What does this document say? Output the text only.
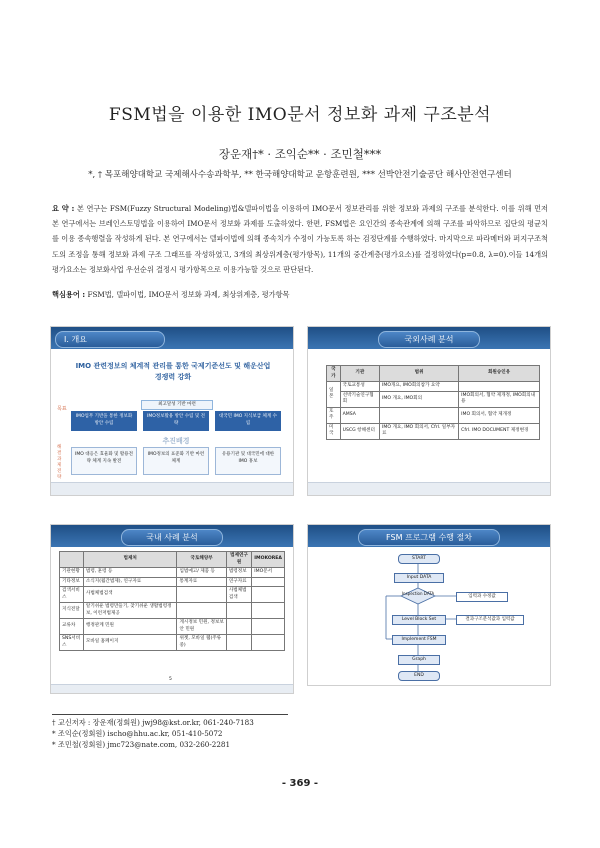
FSM법을 이용한 IMO문서 정보화 과제 구조분석
장운재†* · 조익순** · 조민철***
*, † 목포해양대학교 국제해사수송과학부, ** 한국해양대학교 운항훈련원, *** 선박안전기술공단 해사안전연구센터
요 약 : 본 연구는 FSM(Fuzzy Structural Modeling)법&델파이법을 이용하여 IMO문서 정보관리를 위한 정보화 과제의 구조를 분석한다. 이를 위해 먼저 본 연구에서는 브레인스토밍법을 이용하여 IMO문서 정보화 과제를 도출하였다. 한편, FSM법은 요인간의 종속관계에 의해 구조를 파악하므로 집단의 평균치를 이용 종속행렬을 작성하게 된다. 본 연구에서는 델파이법에 의해 종속치가 수정이 가능토록 하는 검정단계를 수행하였다. 마지막으로 파라메터와 퍼지구조척도의 조정을 통해 정보화 과제 구조 그래프를 작성하였고, 3개의 최상위계층(평가항목), 11개의 중간계층(평가요소)를 결정하였다(p=0.8, λ=0).이들 14개의 평가요소는 정보화사업 우선순위 결정시 평가항목으로 이용가능할 것으로 판단된다.
핵심용어 : FSM법, 델파이법, IMO문서 정보화 과제, 최상위계층, 평가항목
Ⅰ. 개요
IMO 관련정보의 체계적 관리를 통한 국제기준선도 및 해운산업 경쟁력 강화
목표
최고달성 기반 마련
IMO업무 기반을 통한 정보화 방안 수립
IMO정보활용 방안 수립 및 전략
대국민 IMO 지식보급 체계 수립
추진배경
해결과제전략
IMO 대응은 효율화 및 활용전략 체계 지속 발전
IMO정보의 표준화 기반 마련 체계
유용기관 및 대국민에 대한 IMO 홍보
국외사례 분석
국가	기관	범위	회원승인유
일본	국토교통성	IMO개요, IMO회의참가 요약	
	선박기술연구협회	IMO 개요, IMO회의	IMO회의서, 협약 제개정, IMO회의내용
호주	AMSA		IMO 회의서, 협약 제개정
미국	USCG 항해센터	IMO 개요, IMO 회의서, Cfrl. 일부자료	Cfrl. IMO DOCUMENT 제정변경
국내 사례 분석
	법제처	국토해양부	법제연구원	IMOKOREA
기관현황	법령, 훈령 등	입법예고/ 제품 등	법령정보	IMO문서
기타정보	소식지(월간법제), 연구자료	통계자료	연구자료	
검색서비스	사법체법검색		사법체법검색	
지식전달	알기쉬운 법령만들기, 찾기쉬운 생활법령정보, 이런저법제공			
교류차	행정관계 민원	게시정보 민원, 정보보안 민원		
SNS서비스	모바일 홈페이지	위젯, 모바일 웹(주류중)		
5
FSM 프로그램 수행 절차
START
Input DATA
Inspection DATA
Level Block Set
Implement FSM
Graph
END
입력과 수정값
결과구조분석값과 입력값
† 교신저자 : 장운재(정회원) jwj98@kst.or.kr, 061-240-7183
* 조익순(정회원) ischo@hhu.ac.kr, 051-410-5072
* 조민철(정회원) jmc723@nate.com, 032-260-2281
- 369 -
